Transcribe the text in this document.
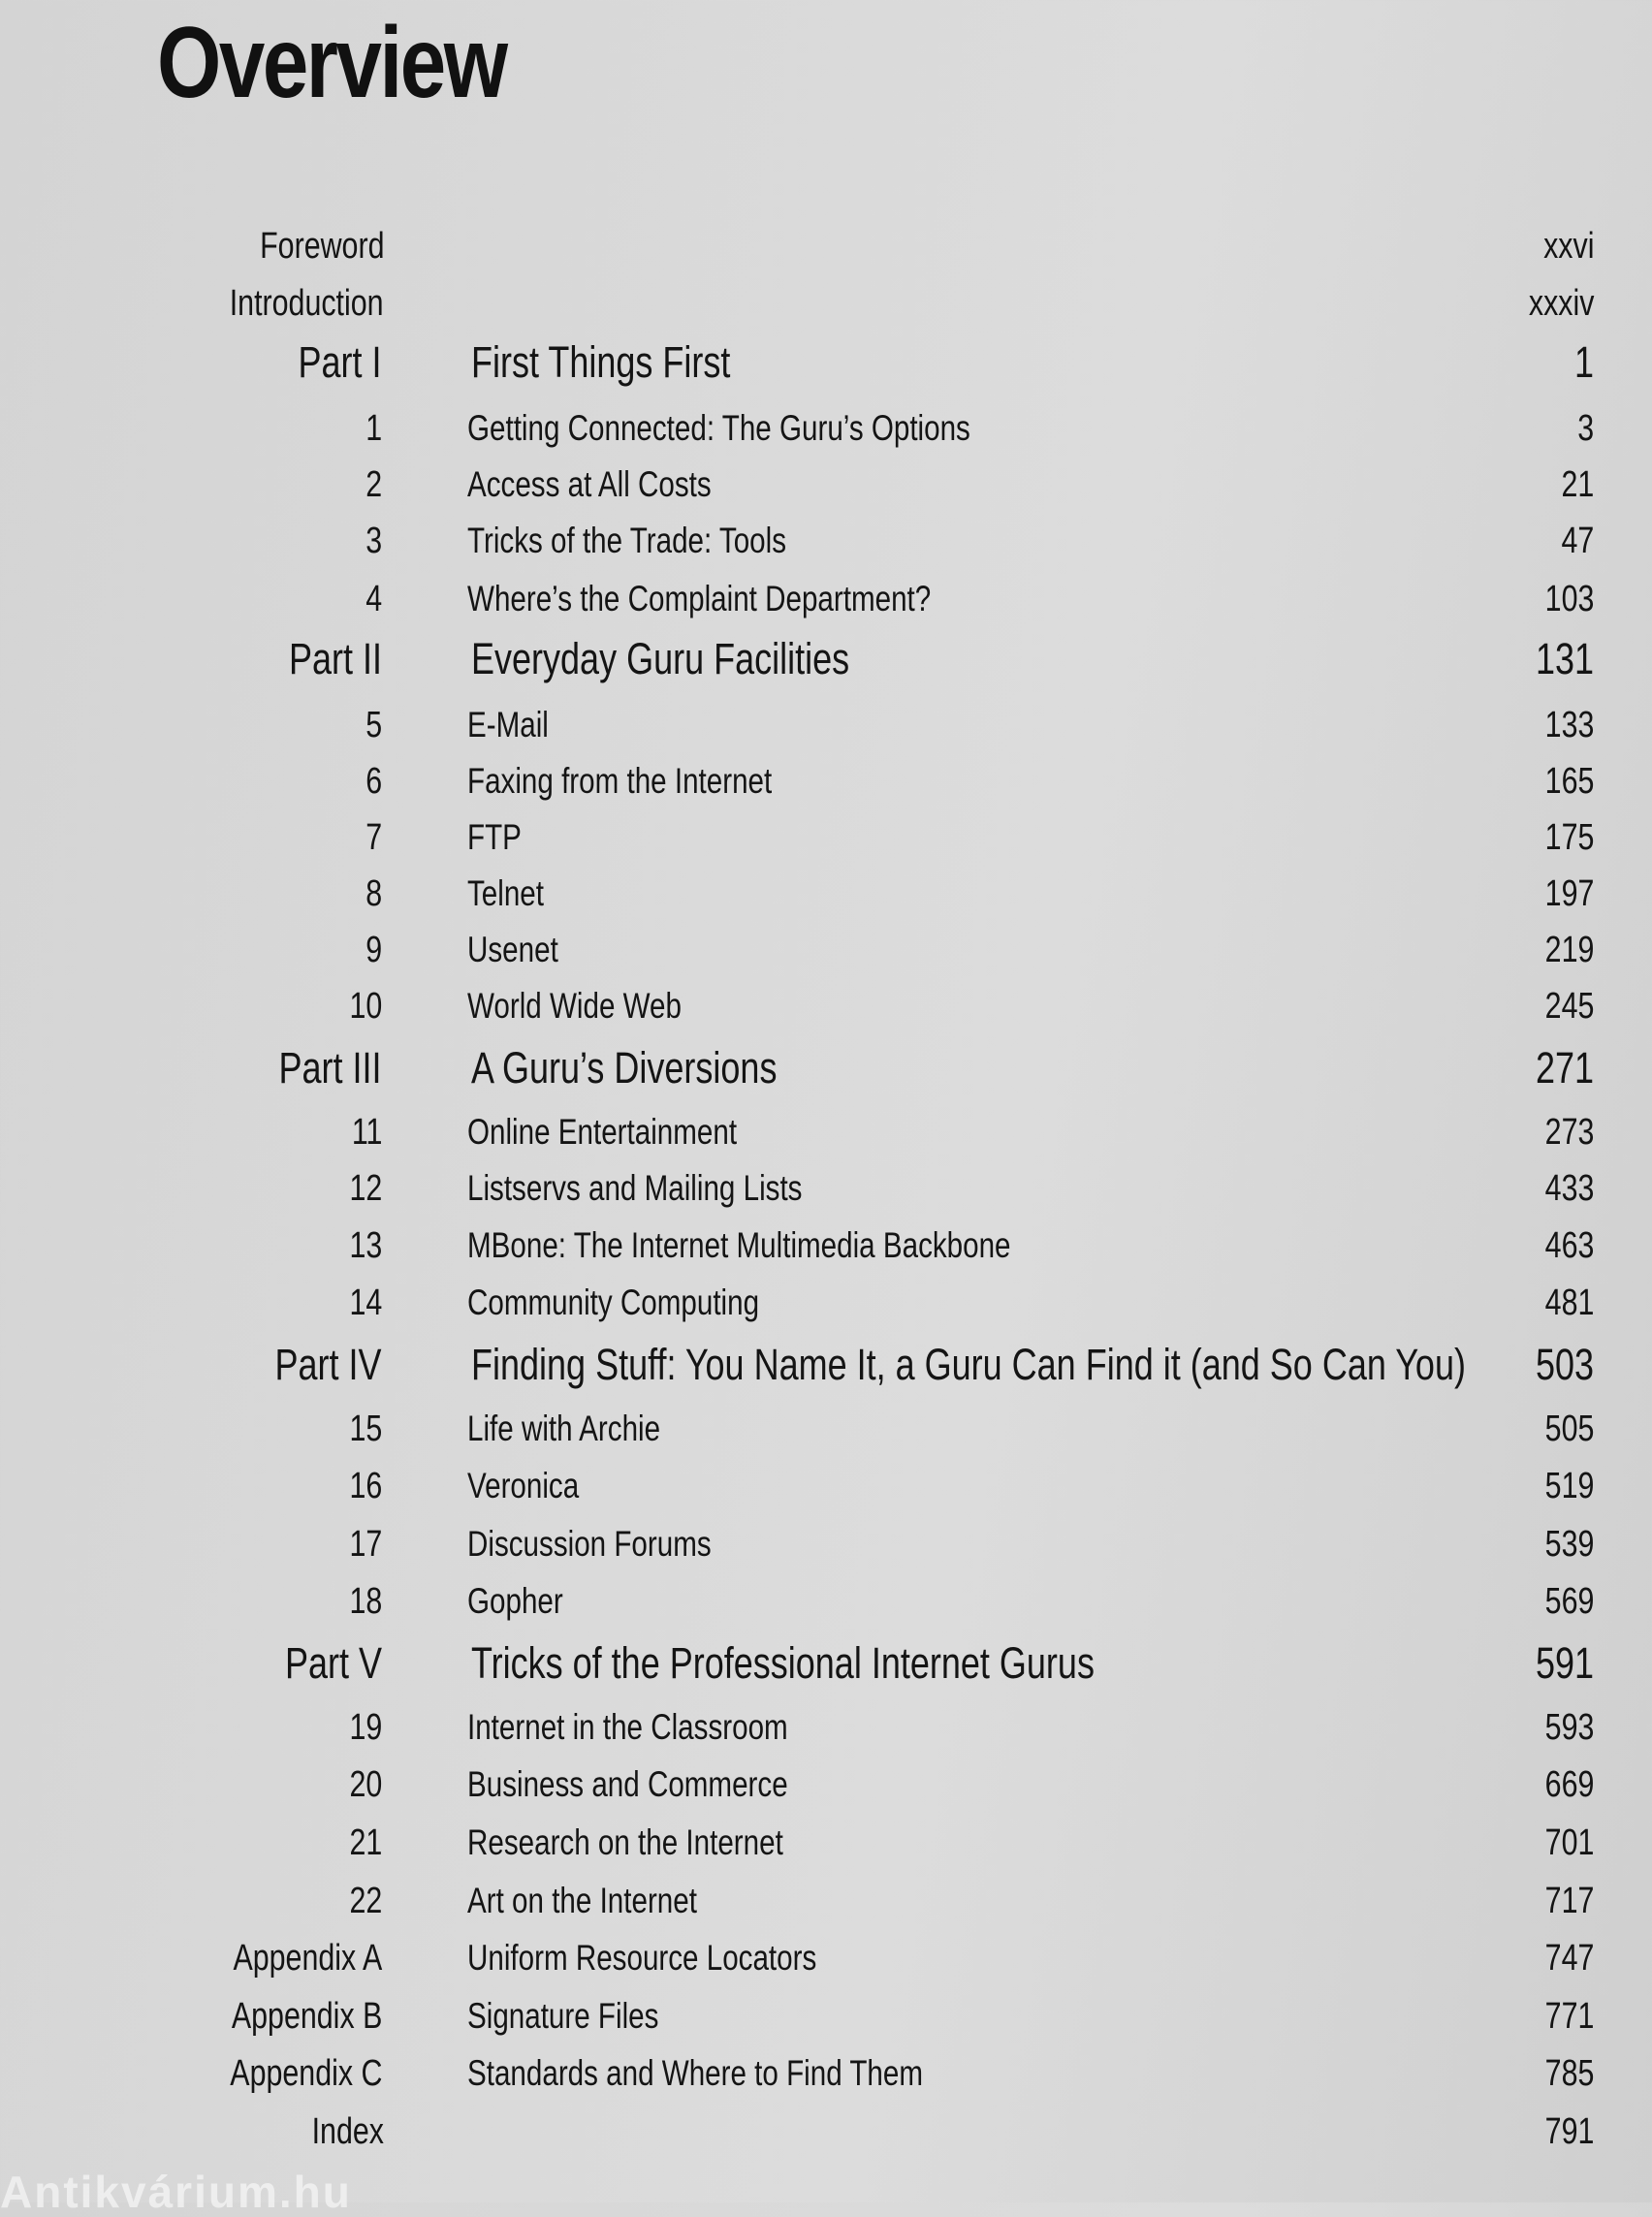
Overview
Foreword	xxvi
Introduction	xxxiv
Part I First Things First	1
1 Getting Connected: The Guru’s Options	3
2 Access at All Costs	21
3 Tricks of the Trade: Tools	47
4 Where’s the Complaint Department?	103
Part II Everyday Guru Facilities	131
5 E-Mail	133
6 Faxing from the Internet	165
7 FTP	175
8 Telnet	197
9 Usenet	219
10 World Wide Web	245
Part III A Guru’s Diversions	271
11 Online Entertainment	273
12 Listservs and Mailing Lists	433
13 MBone: The Internet Multimedia Backbone	463
14 Community Computing	481
Part IV Finding Stuff: You Name It, a Guru Can Find it (and So Can You) 503
15 Life with Archie	505
16 Veronica	519
17 Discussion Forums	539
18 Gopher	569
Part V Tricks of the Professional Internet Gurus	591
19 Internet in the Classroom	593
20 Business and Commerce	669
21 Research on the Internet	701
22 Art on the Internet	717
Appendix A Uniform Resource Locators	747
Appendix B Signature Files	771
Appendix C Standards and Where to Find Them	785
Index	791
Antikvárium.hu
